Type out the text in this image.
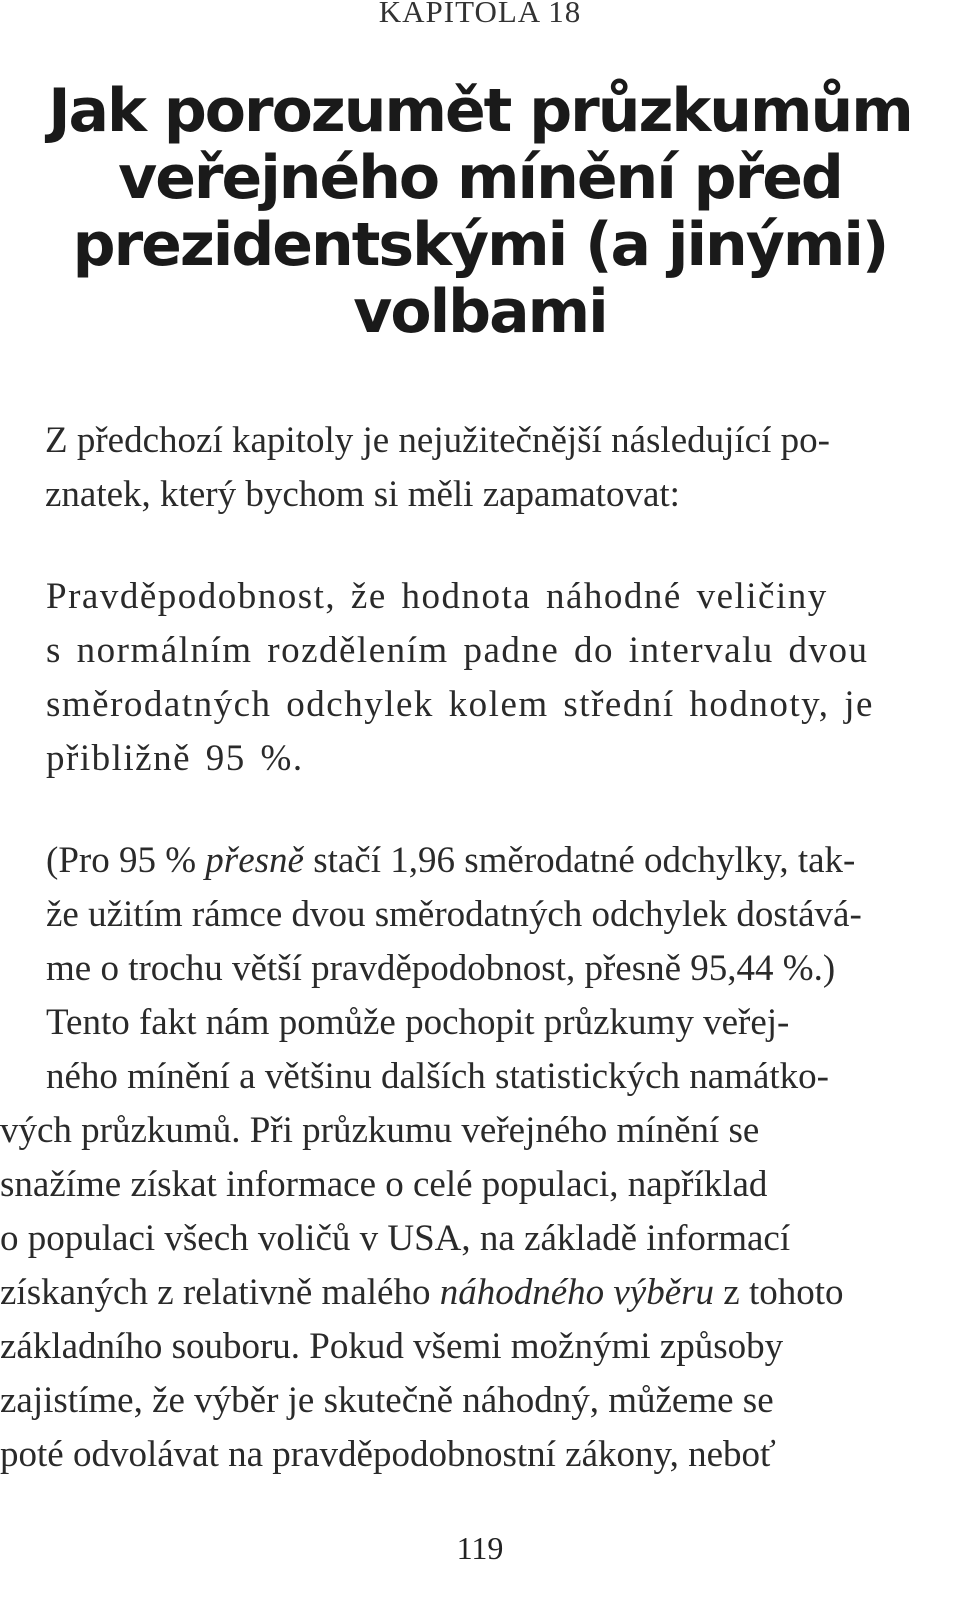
KAPITOLA 18
Jak porozumět průzkumům
veřejného mínění před
prezidentskými (a jinými)
volbami
Z předchozí kapitoly je nejužitečnější následující po-
znatek, který bychom si měli zapamatovat:
Pravděpodobnost, že hodnota náhodné veličiny
s normálním rozdělením padne do intervalu dvou
směrodatných odchylek kolem střední hodnoty, je
přibližně 95 %.
(Pro 95 % přesně stačí 1,96 směrodatné odchylky, tak-
že užitím rámce dvou směrodatných odchylek dostává-
me o trochu větší pravděpodobnost, přesně 95,44 %.)
Tento fakt nám pomůže pochopit průzkumy veřej-
ného mínění a většinu dalších statistických namátko-
vých průzkumů. Při průzkumu veřejného mínění se
snažíme získat informace o celé populaci, například
o populaci všech voličů v USA, na základě informací
získaných z relativně malého náhodného výběru z tohoto
základního souboru. Pokud všemi možnými způsoby
zajistíme, že výběr je skutečně náhodný, můžeme se
poté odvolávat na pravděpodobnostní zákony, neboť
119
